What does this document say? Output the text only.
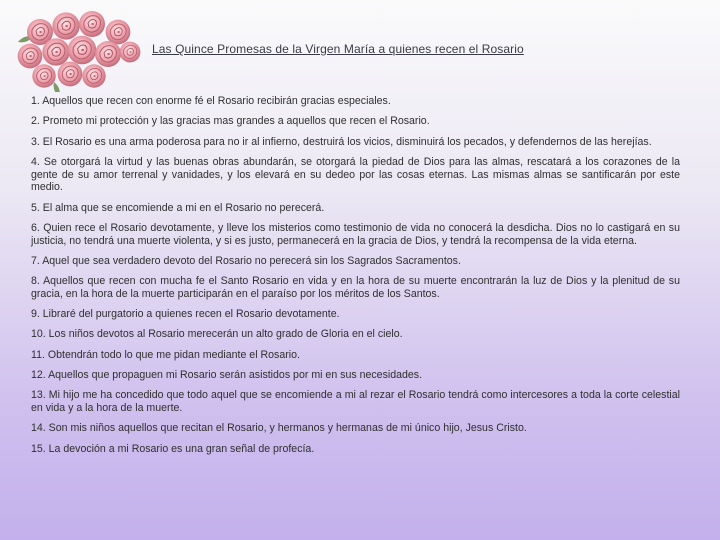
Las Quince Promesas de la Virgen María a quienes recen el Rosario

1. Aquellos que recen con enorme fé el Rosario recibirán gracias especiales.

2. Prometo mi protección y las gracias mas grandes a aquellos que recen el Rosario.

3. El Rosario es una arma poderosa para no ir al infierno, destruirá los vicios, disminuirá los pecados, y defendernos de las herejías.

4. Se otorgará la virtud y las buenas obras abundarán, se otorgará la piedad de Dios para las almas, rescatará a los corazones de la gente de su amor terrenal y vanidades, y los elevará en su dedeo por las cosas eternas. Las mismas almas se santificarán por este medio.

5. El alma que se encomiende a mi en el Rosario no perecerá.

6. Quien rece el Rosario devotamente, y lleve los misterios como testimonio de vida no conocerá la desdicha. Dios no lo castigará en su justicia, no tendrá una muerte violenta, y si es justo, permanecerá en la gracia de Dios, y tendrá la recompensa de la vida eterna.

7. Aquel que sea verdadero devoto del Rosario no perecerá sin los Sagrados Sacramentos.

8. Aquellos que recen con mucha fe el Santo Rosario en vida y en la hora de su muerte encontrarán la luz de Dios y la plenitud de su gracia, en la hora de la muerte participarán en el paraíso por los méritos de los Santos.

9. Libraré del purgatorio a quienes recen el Rosario devotamente.

10. Los niños devotos al Rosario merecerán un alto grado de Gloria en el cielo.

11. Obtendrán todo lo que me pidan mediante el Rosario.

12. Aquellos que propaguen mi Rosario serán asistidos por mi en sus necesidades.

13. Mi hijo me ha concedido que todo aquel que se encomiende a mi al rezar el Rosario tendrá como intercesores a toda la corte celestial en vida y a la hora de la muerte.

14. Son mis niños aquellos que recitan el Rosario, y hermanos y hermanas de mi único hijo, Jesus Cristo.

15. La devoción a mi Rosario es una gran señal de profecía.
